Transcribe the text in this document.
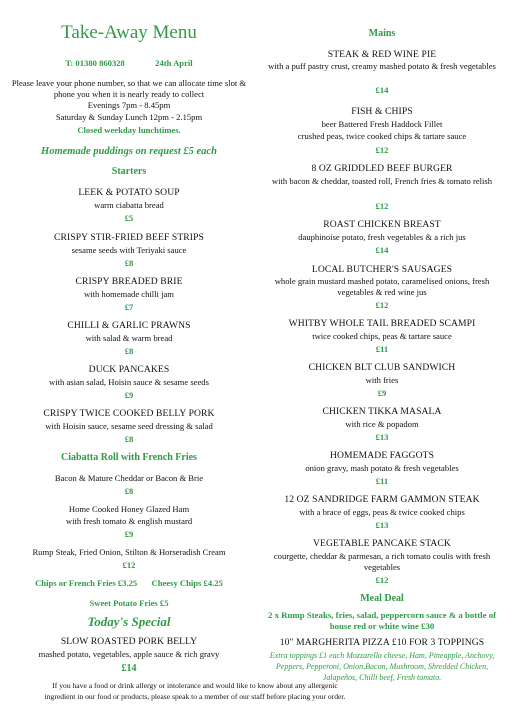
Take-Away Menu
T: 01380 860328	24th April
Please leave your phone number, so that we can allocate time slot & phone you when it is nearly ready to collect
Evenings 7pm - 8.45pm
Saturday & Sunday Lunch 12pm - 2.15pm
Closed weekday lunchtimes.
Homemade puddings on request £5 each
Starters
LEEK & POTATO SOUP
warm ciabatta bread
£5
CRISPY STIR-FRIED BEEF STRIPS
sesame seeds with Teriyaki sauce
£8
CRISPY BREADED BRIE
with homemade chilli jam
£7
CHILLI & GARLIC PRAWNS
with salad & warm bread
£8
DUCK PANCAKES
with asian salad, Hoisin sauce & sesame seeds
£9
CRISPY TWICE COOKED BELLY PORK
with Hoisin sauce, sesame seed dressing & salad
£8
Ciabatta Roll with French Fries
Bacon & Mature Cheddar or Bacon & Brie
£8
Home Cooked Honey Glazed Ham
with fresh tomato & english mustard
£9
Rump Steak, Fried Onion, Stilton & Horseradish Cream
£12
Chips or French Fries £3.25 Cheesy Chips £4.25
Sweet Potato Fries £5
Today's Special
SLOW ROASTED PORK BELLY
mashed potato, vegetables, apple sauce & rich gravy
£14
If you have a food or drink allergy or intolerance and would like to know about any allergenic ingredient in our food or products, please speak to a member of our staff before placing your order.
Mains
STEAK & RED WINE PIE
with a puff pastry crust, creamy mashed potato & fresh vegetables
£14
FISH & CHIPS
beer Battered Fresh Haddock Fillet
crushed peas, twice cooked chips & tartare sauce
£12
8 OZ GRIDDLED BEEF BURGER
with bacon & cheddar, toasted roll, French fries & tomato relish
£12
ROAST CHICKEN BREAST
dauphinoise potato, fresh vegetables & a rich jus
£14
LOCAL BUTCHER'S SAUSAGES
whole grain mustard mashed potato, caramelised onions, fresh vegetables & red wine jus
£12
WHITBY WHOLE TAIL BREADED SCAMPI
twice cooked chips, peas & tartare sauce
£11
CHICKEN BLT CLUB SANDWICH
with fries
£9
CHICKEN TIKKA MASALA
with rice & popadom
£13
HOMEMADE FAGGOTS
onion gravy, mash potato & fresh vegetables
£11
12 OZ SANDRIDGE FARM GAMMON STEAK
with a brace of eggs, peas & twice cooked chips
£13
VEGETABLE PANCAKE STACK
courgette, cheddar & parmesan, a rich tomato coulis with fresh vegetables
£12
Meal Deal
2 x Rump Steaks, fries, salad, peppercorn sauce & a bottle of house red or white wine £30
10" MARGHERITA PIZZA £10 FOR 3 TOPPINGS
Extra toppings £1 each Mozzarella cheese, Ham, Pineapple, Anchovy, Peppers, Pepperoni, Onion,Bacon, Mushroom, Shredded Chicken, Jalapeños, Chilli beef, Fresh tomato.
